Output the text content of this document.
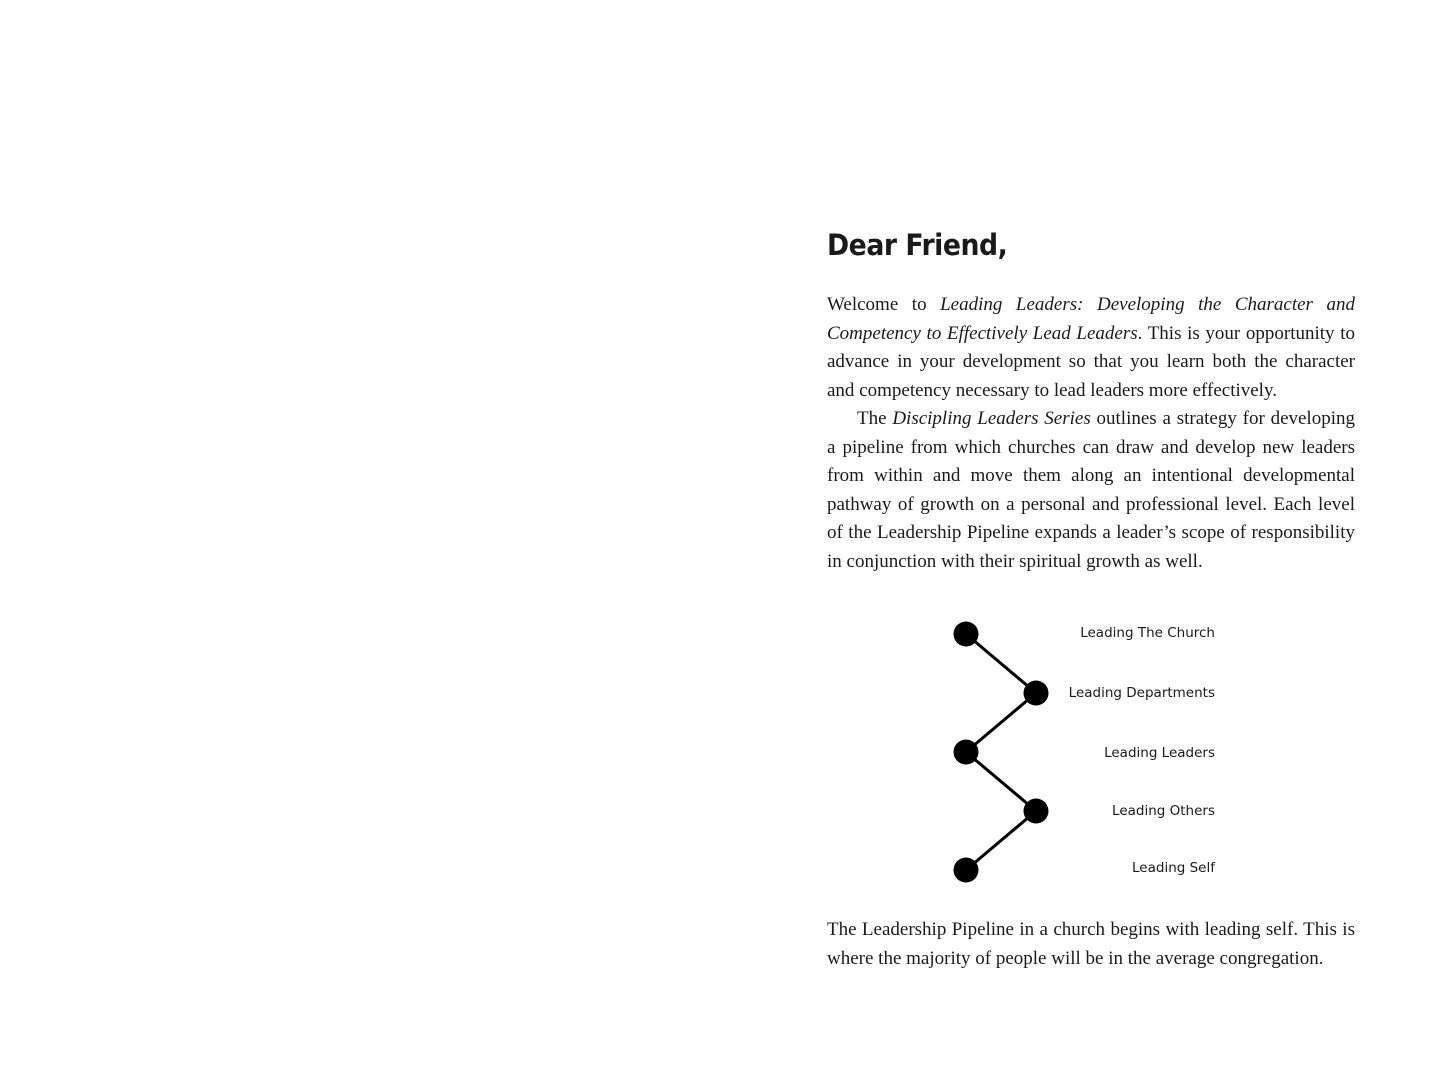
Dear Friend,

Welcome to Leading Leaders: Developing the Character and Competency to Effectively Lead Leaders. This is your opportunity to advance in your development so that you learn both the character and competency necessary to lead leaders more effectively.
The Discipling Leaders Series outlines a strategy for developing a pipeline from which churches can draw and develop new leaders from within and move them along an intentional developmental pathway of growth on a personal and professional level. Each level of the Leadership Pipeline expands a leader’s scope of responsibility in conjunction with their spiritual growth as well.

Leading The Church
Leading Departments
Leading Leaders
Leading Others
Leading Self

The Leadership Pipeline in a church begins with leading self. This is where the majority of people will be in the average congregation.
